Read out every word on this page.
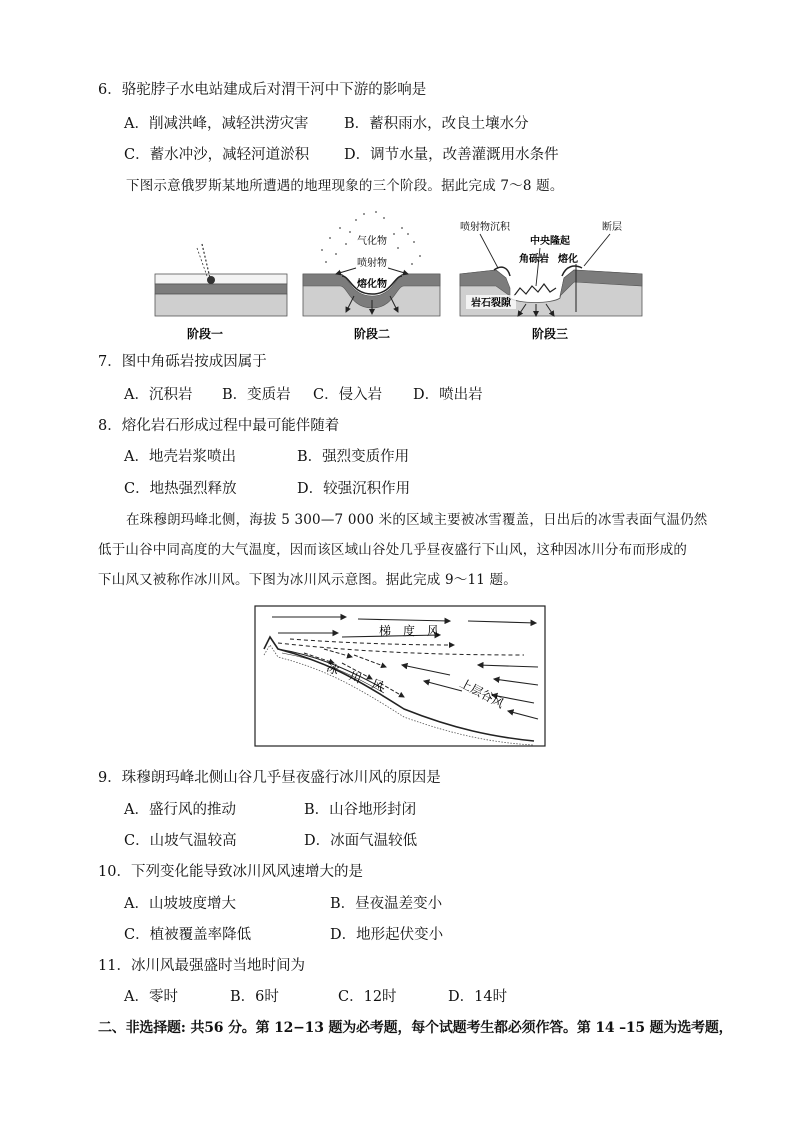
6．骆驼脖子水电站建成后对渭干河中下游的影响是
A．削减洪峰，减轻洪涝灾害 B．蓄积雨水，改良土壤水分
C．蓄水冲沙，减轻河道淤积 D．调节水量，改善灌溉用水条件
下图示意俄罗斯某地所遭遇的地理现象的三个阶段。据此完成 7～8 题。
阶段一
气化物
喷射物
熔化物
阶段二
喷射物沉积
中央隆起
角砾岩 熔化
断层
岩石裂隙
阶段三
7．图中角砾岩按成因属于
A．沉积岩 B．变质岩 C．侵入岩 D．喷出岩
8．熔化岩石形成过程中最可能伴随着
A．地壳岩浆喷出	B．强烈变质作用
C．地热强烈释放	D．较强沉积作用
在珠穆朗玛峰北侧，海拔 5 300—7 000 米的区域主要被冰雪覆盖，日出后的冰雪表面气温仍然
低于山谷中同高度的大气温度，因而该区域山谷处几乎昼夜盛行下山风，这种因冰川分布而形成的
下山风又被称作冰川风。下图为冰川风示意图。据此完成 9～11 题。
梯　度　风
冰　川　风	上层谷风
9．珠穆朗玛峰北侧山谷几乎昼夜盛行冰川风的原因是
A．盛行风的推动	B．山谷地形封闭
C．山坡气温较高	D．冰面气温较低
10．下列变化能导致冰川风风速增大的是
A．山坡坡度增大	B．昼夜温差变小
C．植被覆盖率降低	D．地形起伏变小
11．冰川风最强盛时当地时间为
A．零时	B．6时	C．12时	D．14时
二、非选择题: 共56 分。第 12−13 题为必考题，每个试题考生都必须作答。第 14 –15 题为选考题，
